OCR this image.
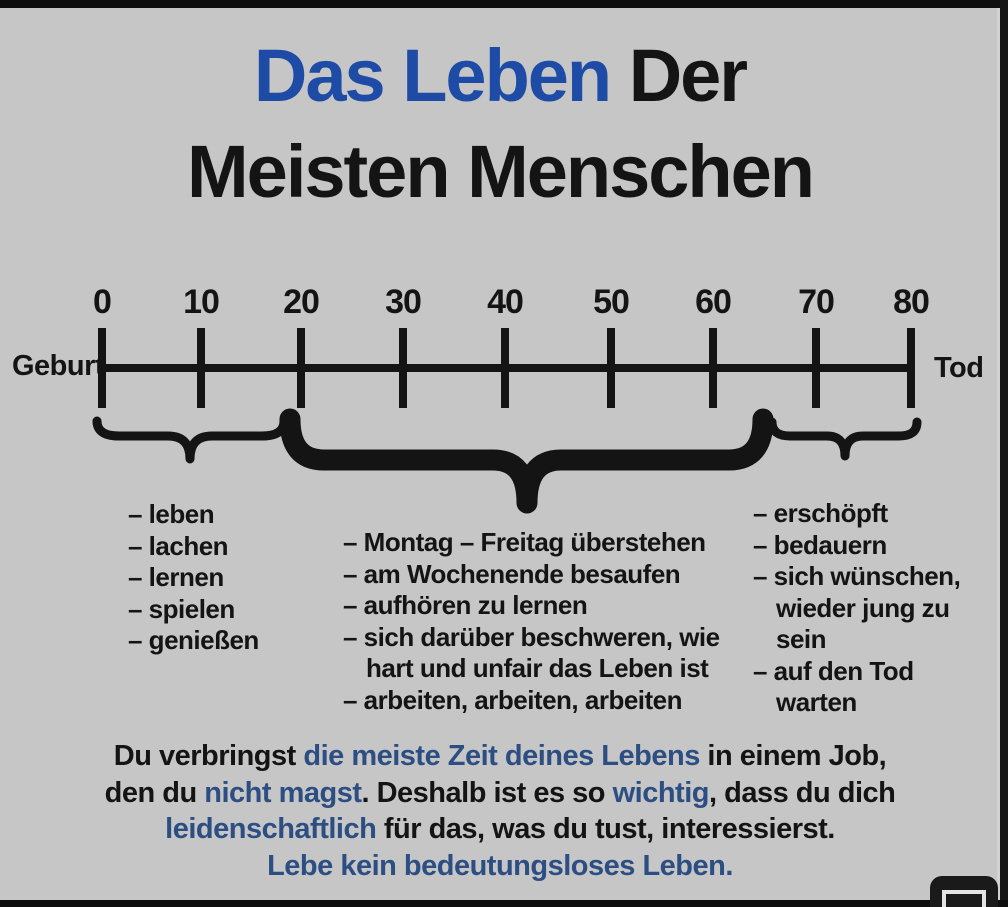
Das Leben Der
Meisten Menschen
0 10 20 30 40 50 60 70 80
Geburt	Tod
– leben
– lachen
– lernen
– spielen
– genießen
– Montag – Freitag überstehen
– am Wochenende besaufen
– aufhören zu lernen
– sich darüber beschweren, wie
hart und unfair das Leben ist
– arbeiten, arbeiten, arbeiten
– erschöpft
– bedauern
– sich wünschen,
wieder jung zu
sein
– auf den Tod
warten
Du verbringst die meiste Zeit deines Lebens in einem Job,
den du nicht magst. Deshalb ist es so wichtig, dass du dich
leidenschaftlich für das, was du tust, interessierst.
Lebe kein bedeutungsloses Leben.
